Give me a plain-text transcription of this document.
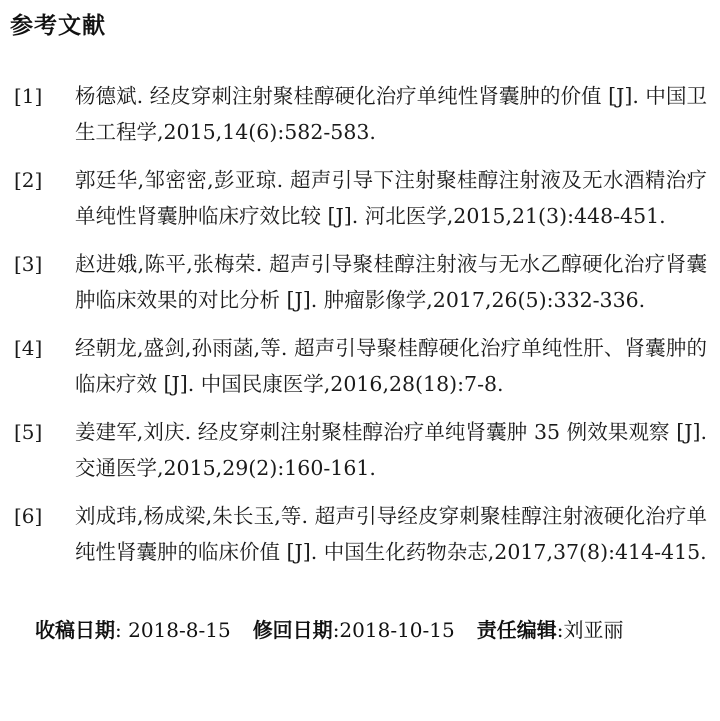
参考文献
[1] 杨德斌. 经皮穿刺注射聚桂醇硬化治疗单纯性肾囊肿的价值 [J]. 中国卫生工程学,2015,14(6):582-583.
[2] 郭廷华,邹密密,彭亚琼. 超声引导下注射聚桂醇注射液及无水酒精治疗单纯性肾囊肿临床疗效比较 [J]. 河北医学,2015,21(3):448-451.
[3] 赵进娥,陈平,张梅荣. 超声引导聚桂醇注射液与无水乙醇硬化治疗肾囊肿临床效果的对比分析 [J]. 肿瘤影像学,2017,26(5):332-336.
[4] 经朝龙,盛剑,孙雨菡,等. 超声引导聚桂醇硬化治疗单纯性肝、肾囊肿的临床疗效 [J]. 中国民康医学,2016,28(18):7-8.
[5] 姜建军,刘庆. 经皮穿刺注射聚桂醇治疗单纯肾囊肿 35 例效果观察 [J]. 交通医学,2015,29(2):160-161.
[6] 刘成玮,杨成梁,朱长玉,等. 超声引导经皮穿刺聚桂醇注射液硬化治疗单纯性肾囊肿的临床价值 [J]. 中国生化药物杂志,2017,37(8):414-415.
收稿日期: 2018-8-15 修回日期:2018-10-15 责任编辑:刘亚丽
